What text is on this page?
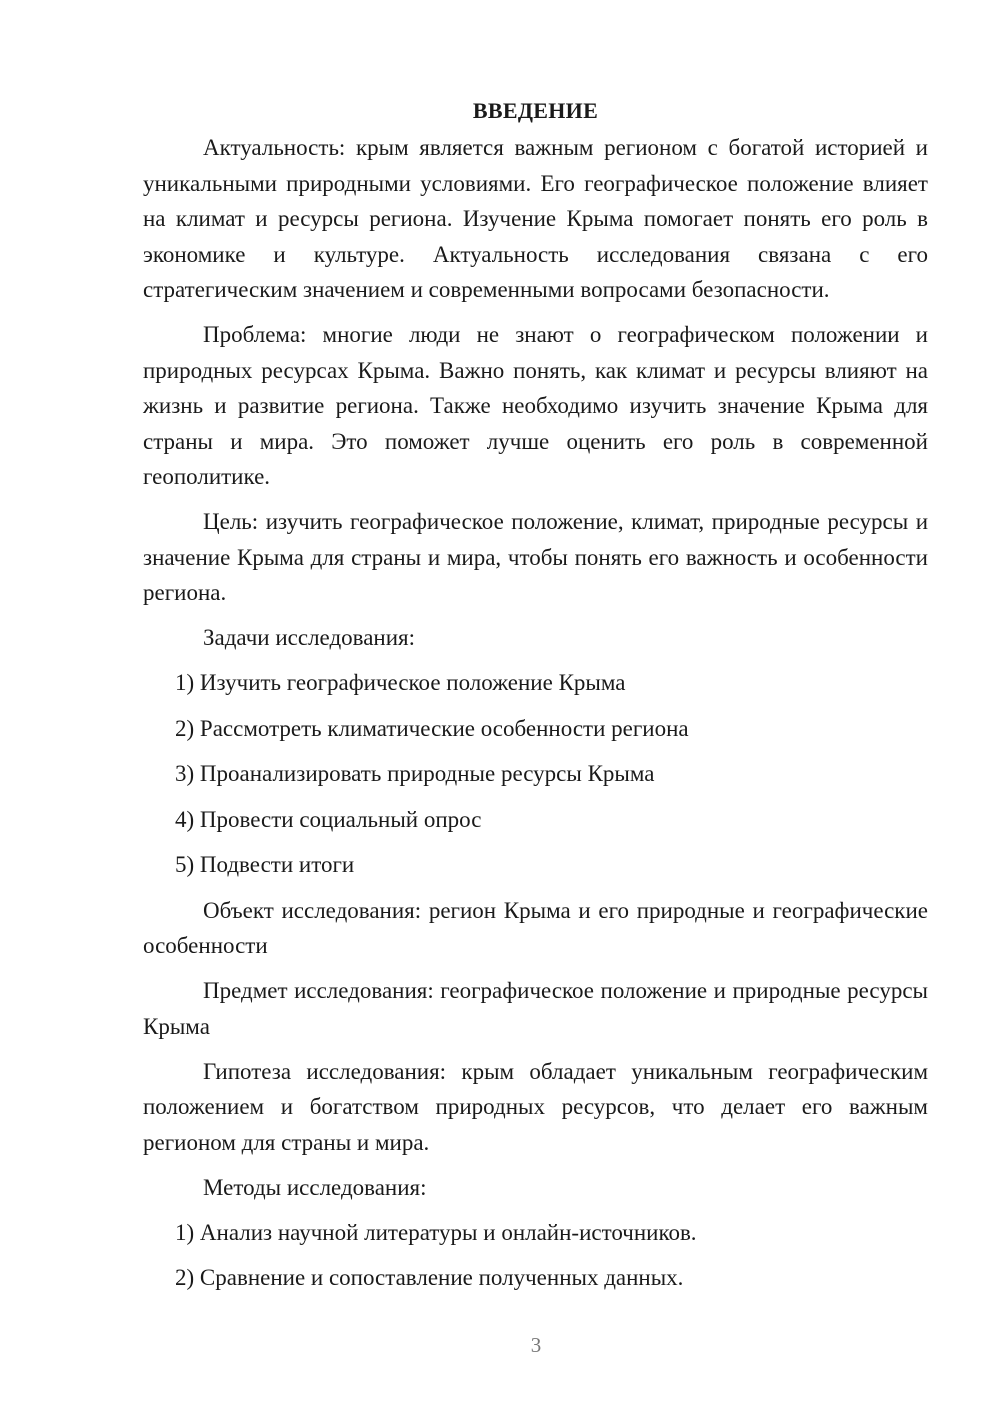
ВВЕДЕНИЕ

Актуальность: крым является важным регионом с богатой историей и уникальными природными условиями. Его географическое положение влияет на климат и ресурсы региона. Изучение Крыма помогает понять его роль в экономике и культуре. Актуальность исследования связана с его стратегическим значением и современными вопросами безопасности.

Проблема: многие люди не знают о географическом положении и природных ресурсах Крыма. Важно понять, как климат и ресурсы влияют на жизнь и развитие региона. Также необходимо изучить значение Крыма для страны и мира. Это поможет лучше оценить его роль в современной геополитике.

Цель: изучить географическое положение, климат, природные ресурсы и значение Крыма для страны и мира, чтобы понять его важность и особенности региона.

Задачи исследования:

1) Изучить географическое положение Крыма

2) Рассмотреть климатические особенности региона

3) Проанализировать природные ресурсы Крыма

4) Провести социальный опрос

5) Подвести итоги

Объект исследования: регион Крыма и его природные и географические особенности

Предмет исследования: географическое положение и природные ресурсы Крыма

Гипотеза исследования: крым обладает уникальным географическим положением и богатством природных ресурсов, что делает его важным регионом для страны и мира.

Методы исследования:

1) Анализ научной литературы и онлайн-источников.

2) Сравнение и сопоставление полученных данных.

3
